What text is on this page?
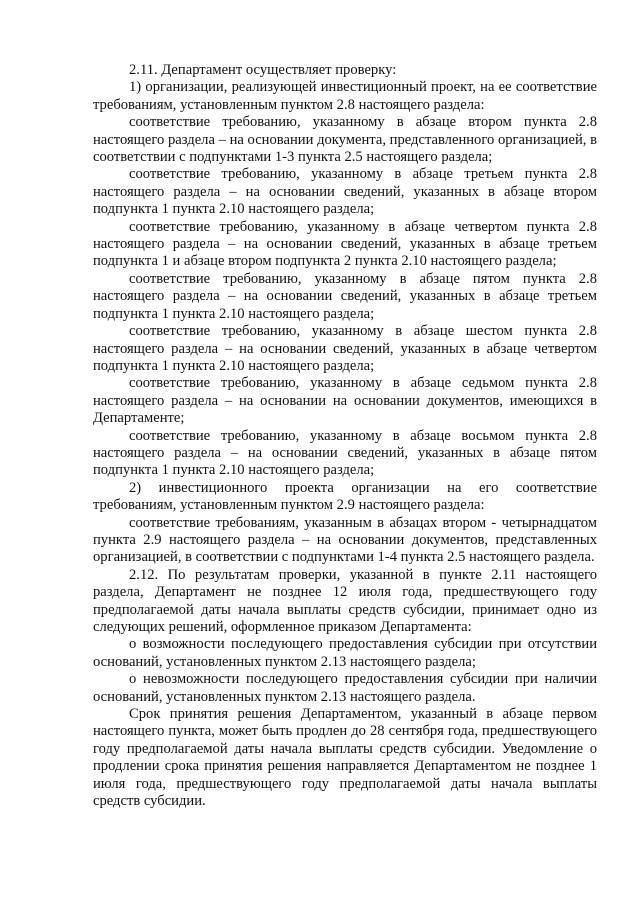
2.11. Департамент осуществляет проверку:

1) организации, реализующей инвестиционный проект, на ее соответствие требованиям, установленным пунктом 2.8 настоящего раздела:

соответствие требованию, указанному в абзаце втором пункта 2.8 настоящего раздела – на основании документа, представленного организацией, в соответствии с подпунктами 1-3 пункта 2.5 настоящего раздела;

соответствие требованию, указанному в абзаце третьем пункта 2.8 настоящего раздела – на основании сведений, указанных в абзаце втором подпункта 1 пункта 2.10 настоящего раздела;

соответствие требованию, указанному в абзаце четвертом пункта 2.8 настоящего раздела – на основании сведений, указанных в абзаце третьем подпункта 1 и абзаце втором подпункта 2 пункта 2.10 настоящего раздела;

соответствие требованию, указанному в абзаце пятом пункта 2.8 настоящего раздела – на основании сведений, указанных в абзаце третьем подпункта 1 пункта 2.10 настоящего раздела;

соответствие требованию, указанному в абзаце шестом пункта 2.8 настоящего раздела – на основании сведений, указанных в абзаце четвертом подпункта 1 пункта 2.10 настоящего раздела;

соответствие требованию, указанному в абзаце седьмом пункта 2.8 настоящего раздела – на основании на основании документов, имеющихся в Департаменте;

соответствие требованию, указанному в абзаце восьмом пункта 2.8 настоящего раздела – на основании сведений, указанных в абзаце пятом подпункта 1 пункта 2.10 настоящего раздела;

2) инвестиционного проекта организации на его соответствие требованиям, установленным пунктом 2.9 настоящего раздела:

соответствие требованиям, указанным в абзацах втором - четырнадцатом пункта 2.9 настоящего раздела – на основании документов, представленных организацией, в соответствии с подпунктами 1-4 пункта 2.5 настоящего раздела.

2.12. По результатам проверки, указанной в пункте 2.11 настоящего раздела, Департамент не позднее 12 июля года, предшествующего году предполагаемой даты начала выплаты средств субсидии, принимает одно из следующих решений, оформленное приказом Департамента:

о возможности последующего предоставления субсидии при отсутствии оснований, установленных пунктом 2.13 настоящего раздела;

о невозможности последующего предоставления субсидии при наличии оснований, установленных пунктом 2.13 настоящего раздела.

Срок принятия решения Департаментом, указанный в абзаце первом настоящего пункта, может быть продлен до 28 сентября года, предшествующего году предполагаемой даты начала выплаты средств субсидии. Уведомление о продлении срока принятия решения направляется Департаментом не позднее 1 июля года, предшествующего году предполагаемой даты начала выплаты средств субсидии.
